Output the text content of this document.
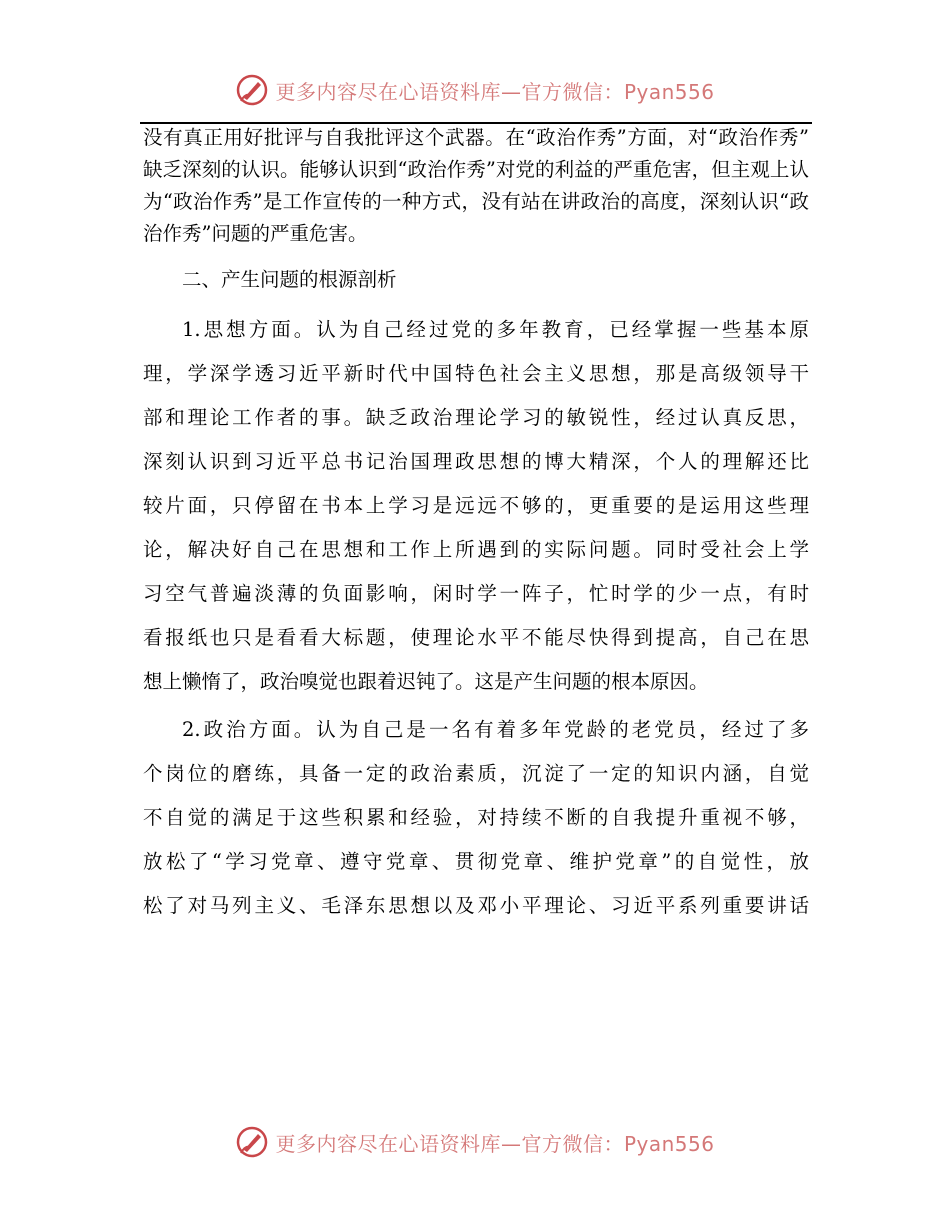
更多内容尽在心语资料库—官方微信：Pyan556

没有真正用好批评与自我批评这个武器。在“政治作秀”方面，对“政治作秀”

缺乏深刻的认识。能够认识到“政治作秀”对党的利益的严重危害，但主观上认

为“政治作秀”是工作宣传的一种方式，没有站在讲政治的高度，深刻认识“政

治作秀”问题的严重危害。

二、产生问题的根源剖析

1.思想方面。认为自己经过党的多年教育，已经掌握一些基本原
理，学深学透习近平新时代中国特色社会主义思想，那是高级领导干
部和理论工作者的事。缺乏政治理论学习的敏锐性，经过认真反思，
深刻认识到习近平总书记治国理政思想的博大精深，个人的理解还比
较片面，只停留在书本上学习是远远不够的，更重要的是运用这些理
论，解决好自己在思想和工作上所遇到的实际问题。同时受社会上学
习空气普遍淡薄的负面影响，闲时学一阵子，忙时学的少一点，有时
看报纸也只是看看大标题，使理论水平不能尽快得到提高，自己在思
想上懒惰了，政治嗅觉也跟着迟钝了。这是产生问题的根本原因。
2.政治方面。认为自己是一名有着多年党龄的老党员，经过了多
个岗位的磨练，具备一定的政治素质，沉淀了一定的知识内涵，自觉
不自觉的满足于这些积累和经验，对持续不断的自我提升重视不够，
放松了“学习党章、遵守党章、贯彻党章、维护党章”的自觉性，放
松了对马列主义、毛泽东思想以及邓小平理论、习近平系列重要讲话
更多内容尽在心语资料库—官方微信：Pyan556
